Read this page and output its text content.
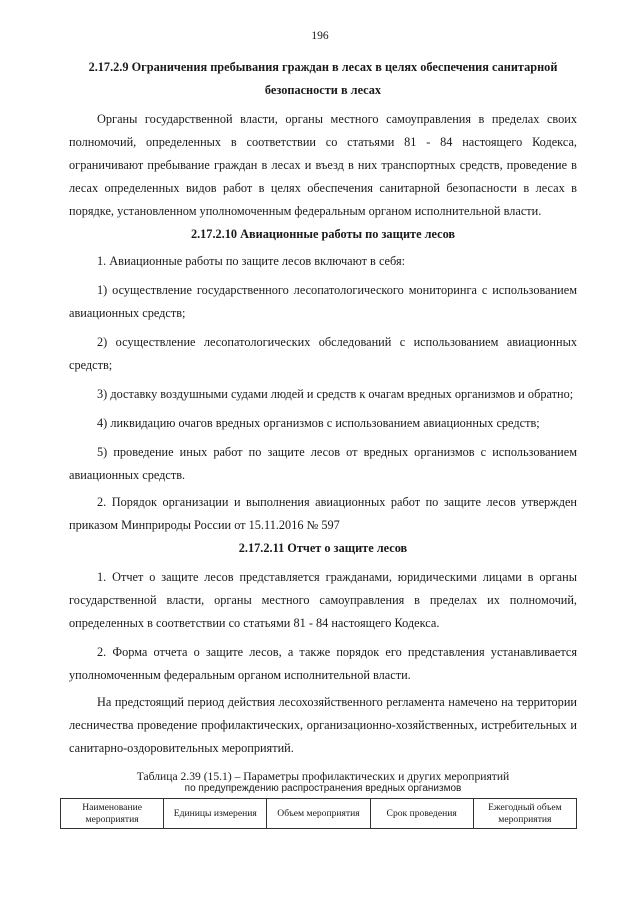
196

2.17.2.9 Ограничения пребывания граждан в лесах в целях обеспечения санитарной безопасности в лесах

Органы государственной власти, органы местного самоуправления в пределах своих полномочий, определенных в соответствии со статьями 81 - 84 настоящего Кодекса, ограничивают пребывание граждан в лесах и въезд в них транспортных средств, проведение в лесах определенных видов работ в целях обеспечения санитарной безопасности в лесах в порядке, установленном уполномоченным федеральным органом исполнительной власти.

2.17.2.10 Авиационные работы по защите лесов

1. Авиационные работы по защите лесов включают в себя:

1) осуществление государственного лесопатологического мониторинга с использованием авиационных средств;

2) осуществление лесопатологических обследований с использованием авиационных средств;

3) доставку воздушными судами людей и средств к очагам вредных организмов и обратно;

4) ликвидацию очагов вредных организмов с использованием авиационных средств;

5) проведение иных работ по защите лесов от вредных организмов с использованием авиационных средств.

2. Порядок организации и выполнения авиационных работ по защите лесов утвержден приказом Минприроды России от 15.11.2016 № 597

2.17.2.11 Отчет о защите лесов

1. Отчет о защите лесов представляется гражданами, юридическими лицами в органы государственной власти, органы местного самоуправления в пределах их полномочий, определенных в соответствии со статьями 81 - 84 настоящего Кодекса.

2. Форма отчета о защите лесов, а также порядок его представления устанавливается уполномоченным федеральным органом исполнительной власти.

На предстоящий период действия лесохозяйственного регламента намечено на территории лесничества проведение профилактических, организационно-хозяйственных, истребительных и санитарно-оздоровительных мероприятий.

Таблица 2.39 (15.1) – Параметры профилактических и других мероприятий
по предупреждению распространения вредных организмов
Наименование мероприятия	Единицы измерения	Объем мероприятия	Срок проведения	Ежегодный объем мероприятия
